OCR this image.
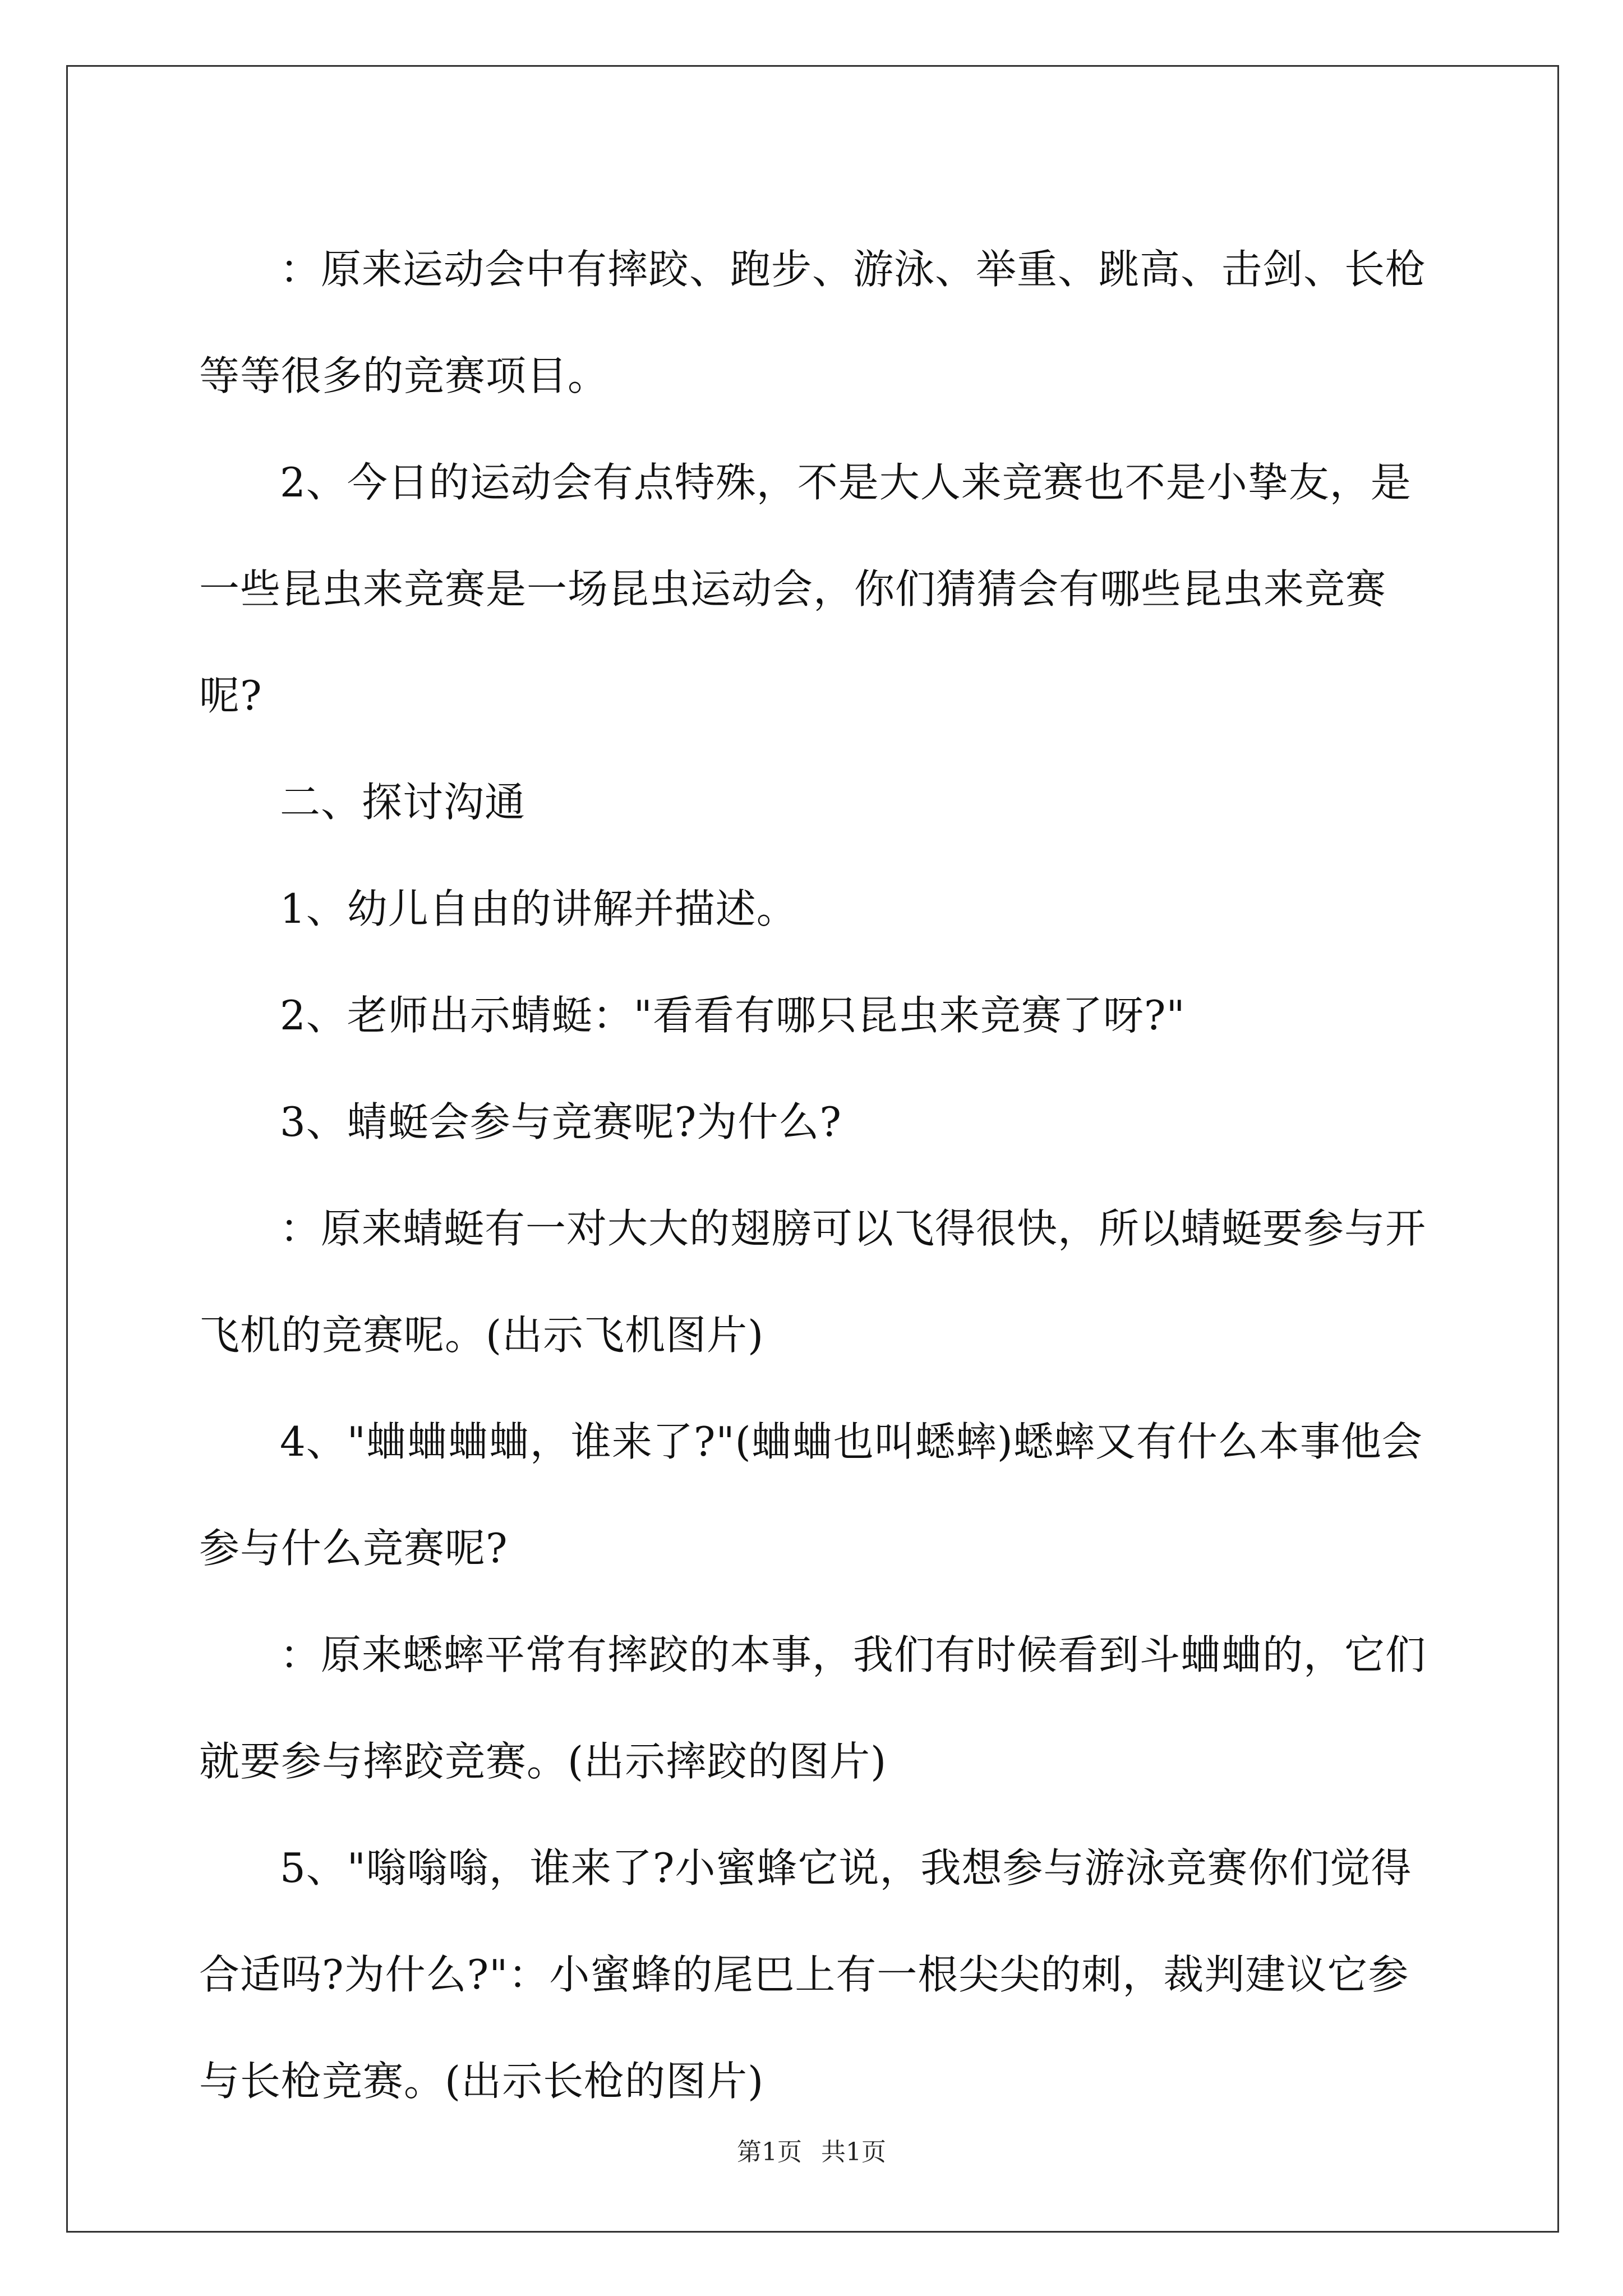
：原来运动会中有摔跤、跑步、游泳、举重、跳高、击剑、长枪等等很多的竞赛项目。

2、今日的运动会有点特殊，不是大人来竞赛也不是小挚友，是一些昆虫来竞赛是一场昆虫运动会，你们猜猜会有哪些昆虫来竞赛呢?

二、探讨沟通

1、幼儿自由的讲解并描述。

2、老师出示蜻蜓："看看有哪只昆虫来竞赛了呀?"

3、蜻蜓会参与竞赛呢?为什么?

：原来蜻蜓有一对大大的翅膀可以飞得很快，所以蜻蜓要参与开飞机的竞赛呢。(出示飞机图片)

4、"蛐蛐蛐蛐，谁来了?"(蛐蛐也叫蟋蟀)蟋蟀又有什么本事他会参与什么竞赛呢?

：原来蟋蟀平常有摔跤的本事，我们有时候看到斗蛐蛐的，它们就要参与摔跤竞赛。(出示摔跤的图片)

5、"嗡嗡嗡，谁来了?小蜜蜂它说，我想参与游泳竞赛你们觉得合适吗?为什么?"：小蜜蜂的尾巴上有一根尖尖的刺，裁判建议它参与长枪竞赛。(出示长枪的图片)

第1页 共1页
